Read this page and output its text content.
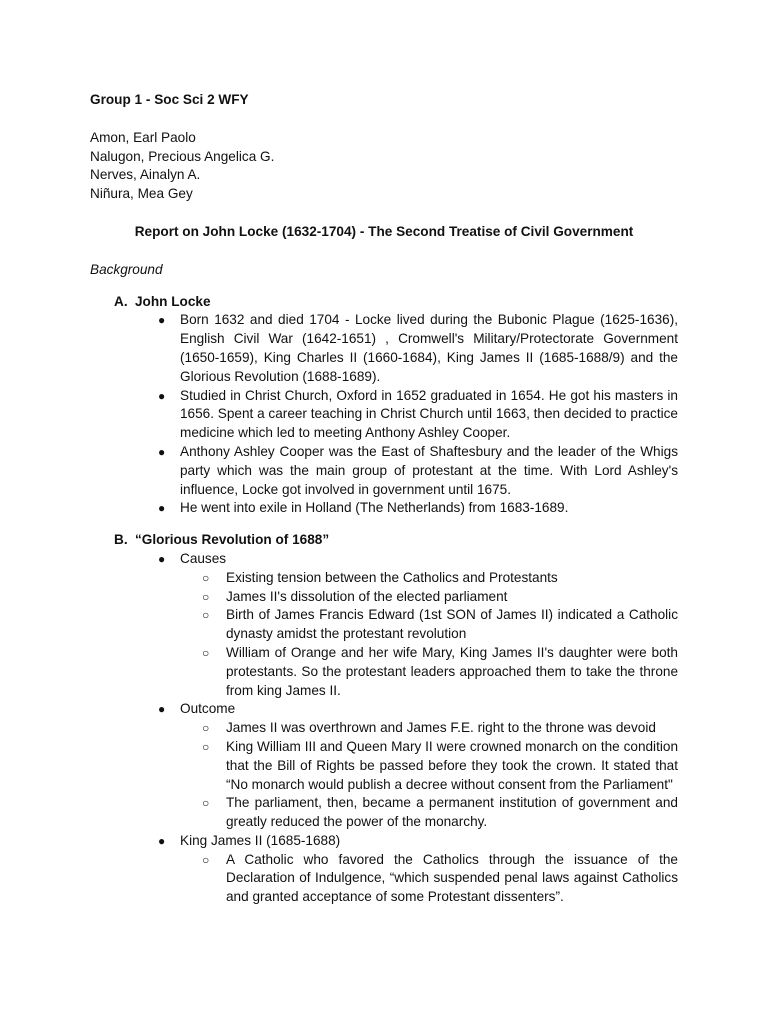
Group 1 - Soc Sci 2 WFY
Amon, Earl Paolo
Nalugon, Precious Angelica G.
Nerves, Ainalyn A.
Niñura, Mea Gey
Report on John Locke (1632-1704) - The Second Treatise of Civil Government
Background
A. John Locke
● Born 1632 and died 1704 - Locke lived during the Bubonic Plague (1625-1636), English Civil War (1642-1651) , Cromwell's Military/Protectorate Government (1650-1659), King Charles II (1660-1684), King James II (1685-1688/9) and the Glorious Revolution (1688-1689).
● Studied in Christ Church, Oxford in 1652 graduated in 1654. He got his masters in 1656. Spent a career teaching in Christ Church until 1663, then decided to practice medicine which led to meeting Anthony Ashley Cooper.
● Anthony Ashley Cooper was the East of Shaftesbury and the leader of the Whigs party which was the main group of protestant at the time. With Lord Ashley's influence, Locke got involved in government until 1675.
● He went into exile in Holland (The Netherlands) from 1683-1689.
B. “Glorious Revolution of 1688”
● Causes
○ Existing tension between the Catholics and Protestants
○ James II's dissolution of the elected parliament
○ Birth of James Francis Edward (1st SON of James II) indicated a Catholic dynasty amidst the protestant revolution
○ William of Orange and her wife Mary, King James II's daughter were both protestants. So the protestant leaders approached them to take the throne from king James II.
● Outcome
○ James II was overthrown and James F.E. right to the throne was devoid
○ King William III and Queen Mary II were crowned monarch on the condition that the Bill of Rights be passed before they took the crown. It stated that “No monarch would publish a decree without consent from the Parliament"
○ The parliament, then, became a permanent institution of government and greatly reduced the power of the monarchy.
● King James II (1685-1688)
○ A Catholic who favored the Catholics through the issuance of the Declaration of Indulgence, “which suspended penal laws against Catholics and granted acceptance of some Protestant dissenters”.
